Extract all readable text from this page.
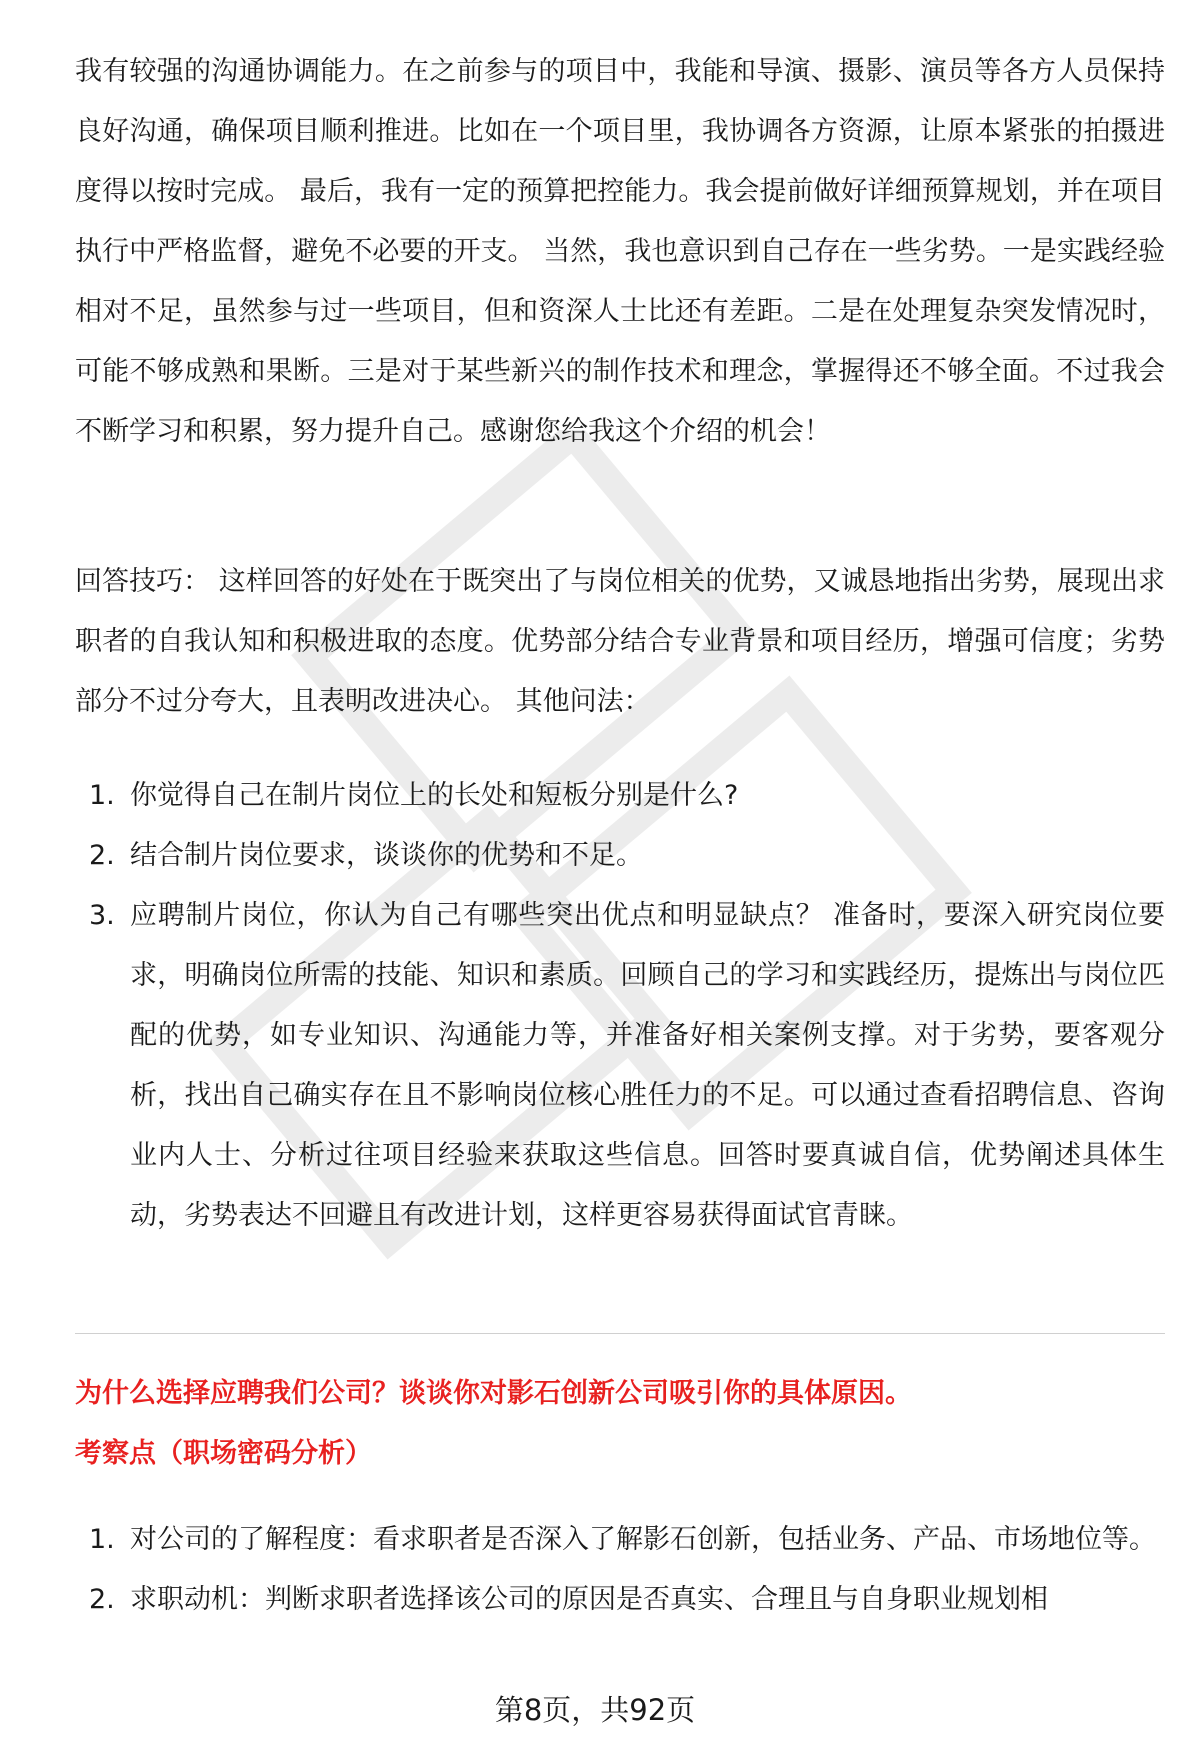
我有较强的沟通协调能力。在之前参与的项目中，我能和导演、摄影、演员等各方人员保持良好沟通，确保项目顺利推进。比如在一个项目里，我协调各方资源，让原本紧张的拍摄进度得以按时完成。 最后，我有一定的预算把控能力。我会提前做好详细预算规划，并在项目执行中严格监督，避免不必要的开支。 当然，我也意识到自己存在一些劣势。一是实践经验相对不足，虽然参与过一些项目，但和资深人士比还有差距。二是在处理复杂突发情况时，可能不够成熟和果断。三是对于某些新兴的制作技术和理念，掌握得还不够全面。不过我会不断学习和积累，努力提升自己。感谢您给我这个介绍的机会！

回答技巧： 这样回答的好处在于既突出了与岗位相关的优势，又诚恳地指出劣势，展现出求职者的自我认知和积极进取的态度。优势部分结合专业背景和项目经历，增强可信度；劣势部分不过分夸大，且表明改进决心。 其他问法：

1. 你觉得自己在制片岗位上的长处和短板分别是什么?
2. 结合制片岗位要求，谈谈你的优势和不足。
3. 应聘制片岗位，你认为自己有哪些突出优点和明显缺点？ 准备时，要深入研究岗位要求，明确岗位所需的技能、知识和素质。回顾自己的学习和实践经历，提炼出与岗位匹配的优势，如专业知识、沟通能力等，并准备好相关案例支撑。对于劣势，要客观分析，找出自己确实存在且不影响岗位核心胜任力的不足。可以通过查看招聘信息、咨询业内人士、分析过往项目经验来获取这些信息。回答时要真诚自信，优势阐述具体生动，劣势表达不回避且有改进计划，这样更容易获得面试官青睐。

为什么选择应聘我们公司？谈谈你对影石创新公司吸引你的具体原因。

考察点（职场密码分析）

1. 对公司的了解程度：看求职者是否深入了解影石创新，包括业务、产品、市场地位等。
2. 求职动机：判断求职者选择该公司的原因是否真实、合理且与自身职业规划相
第8页，共92页
